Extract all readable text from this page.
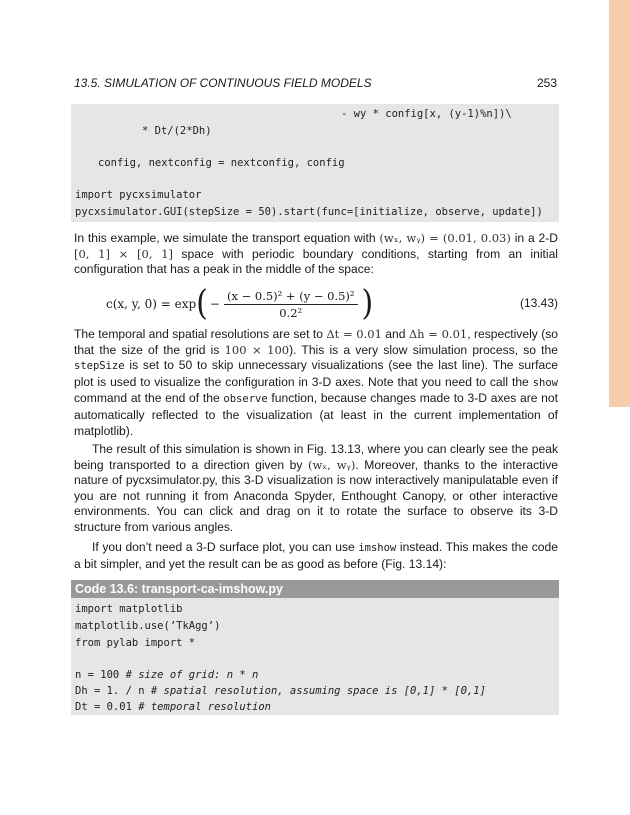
13.5. SIMULATION OF CONTINUOUS FIELD MODELS	253
- wy * config[x, (y-1)%n])\
* Dt/(2*Dh)
config, nextconfig = nextconfig, config
import pycxsimulator
pycxsimulator.GUI(stepSize = 50).start(func=[initialize, observe, update])
In this example, we simulate the transport equation with (wₓ, wᵧ) = (0.01, 0.03) in a 2-D [0, 1] × [0, 1] space with periodic boundary conditions, starting from an initial configuration that has a peak in the middle of the space:
c(x, y, 0) = exp ( − $\frac{\text{(x − 0.5)² + (y − 0.5)²}}{\text{0.2²}}$ )	(13.43)
The temporal and spatial resolutions are set to Δt = 0.01 and Δh = 0.01, respectively (so that the size of the grid is 100 × 100). This is a very slow simulation process, so the stepSize is set to 50 to skip unnecessary visualizations (see the last line). The surface plot is used to visualize the configuration in 3-D axes. Note that you need to call the show command at the end of the observe function, because changes made to 3-D axes are not automatically reflected to the visualization (at least in the current implementation of matplotlib).
The result of this simulation is shown in Fig. 13.13, where you can clearly see the peak being transported to a direction given by (wₓ, wᵧ). Moreover, thanks to the interactive nature of pycxsimulator.py, this 3-D visualization is now interactively manipulatable even if you are not running it from Anaconda Spyder, Enthought Canopy, or other interactive environments. You can click and drag on it to rotate the surface to observe its 3-D structure from various angles.
If you don’t need a 3-D surface plot, you can use imshow instead. This makes the code a bit simpler, and yet the result can be as good as before (Fig. 13.14):
Code 13.6: transport-ca-imshow.py
import matplotlib
matplotlib.use(’TkAgg’)
from pylab import *
n = 100 # size of grid: n * n
Dh = 1. / n # spatial resolution, assuming space is [0,1] * [0,1]
Dt = 0.01 # temporal resolution
